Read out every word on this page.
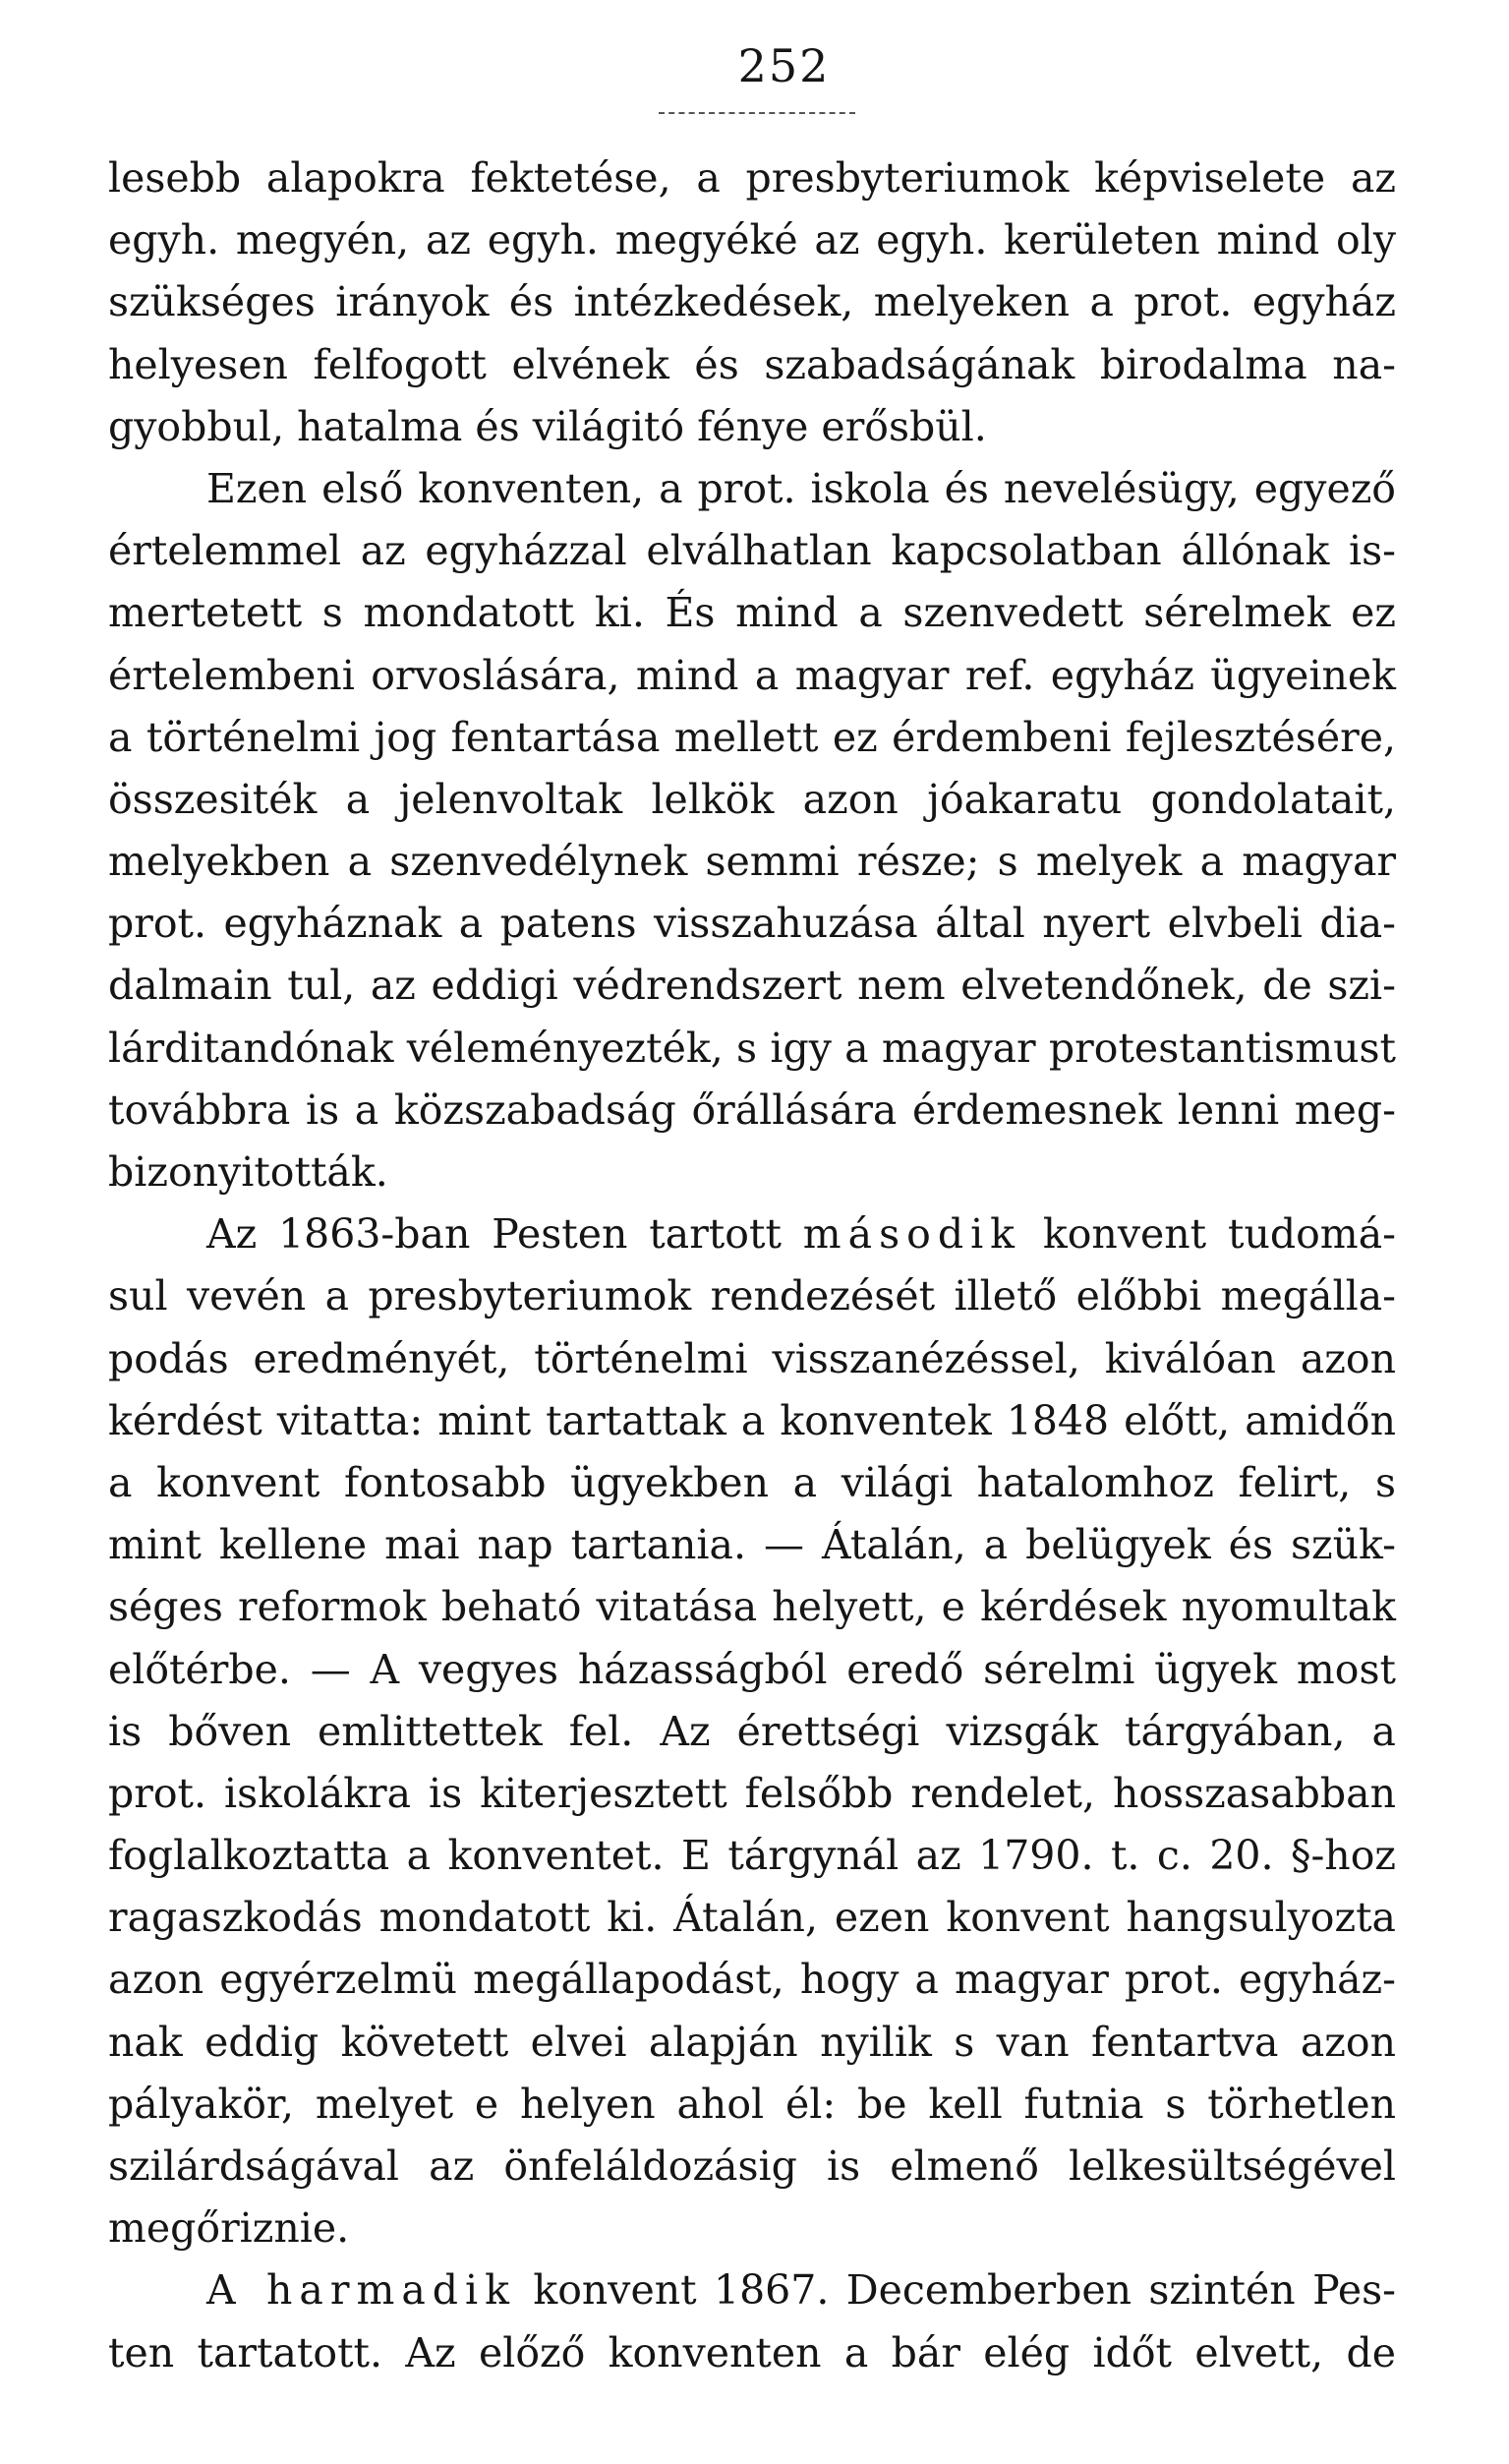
252
lesebb alapokra fektetése, a presbyteriumok képviselete az
egyh. megyén, az egyh. megyéké az egyh. kerületen mind oly
szükséges irányok és intézkedések, melyeken a prot. egyház
helyesen felfogott elvének és szabadságának birodalma na-
gyobbul, hatalma és világitó fénye erősbül.
Ezen első konventen, a prot. iskola és nevelésügy, egyező
értelemmel az egyházzal elválhatlan kapcsolatban állónak is-
mertetett s mondatott ki. És mind a szenvedett sérelmek ez
értelembeni orvoslására, mind a magyar ref. egyház ügyeinek
a történelmi jog fentartása mellett ez érdembeni fejlesztésére,
összesiték a jelenvoltak lelkök azon jóakaratu gondolatait,
melyekben a szenvedélynek semmi része; s melyek a magyar
prot. egyháznak a patens visszahuzása által nyert elvbeli dia-
dalmain tul, az eddigi védrendszert nem elvetendőnek, de szi-
lárditandónak véleményezték, s igy a magyar protestantismust
továbbra is a közszabadság őrállására érdemesnek lenni meg-
bizonyitották.
Az 1863-ban Pesten tartott második konvent tudomá-
sul vevén a presbyteriumok rendezését illető előbbi megálla-
podás eredményét, történelmi visszanézéssel, kiválóan azon
kérdést vitatta: mint tartattak a konventek 1848 előtt, amidőn
a konvent fontosabb ügyekben a világi hatalomhoz felirt, s
mint kellene mai nap tartania. — Átalán, a belügyek és szük-
séges reformok beható vitatása helyett, e kérdések nyomultak
előtérbe. — A vegyes házasságból eredő sérelmi ügyek most
is bőven emlittettek fel. Az érettségi vizsgák tárgyában, a
prot. iskolákra is kiterjesztett felsőbb rendelet, hosszasabban
foglalkoztatta a konventet. E tárgynál az 1790. t. c. 20. §-hoz
ragaszkodás mondatott ki. Átalán, ezen konvent hangsulyozta
azon egyérzelmü megállapodást, hogy a magyar prot. egyház-
nak eddig követett elvei alapján nyilik s van fentartva azon
pályakör, melyet e helyen ahol él: be kell futnia s törhetlen
szilárdságával az önfeláldozásig is elmenő lelkesültségével
megőriznie.
A harmadik konvent 1867. Decemberben szintén Pes-
ten tartatott. Az előző konventen a bár elég időt elvett, de
